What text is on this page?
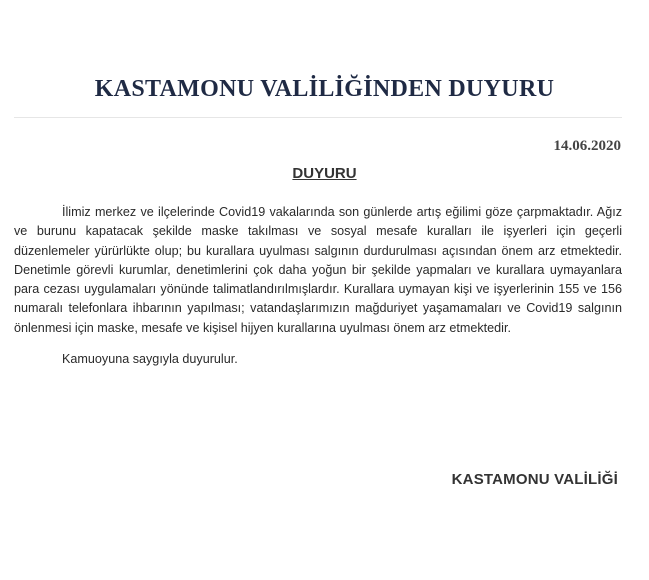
KASTAMONU VALİLİĞİNDEN DUYURU
14.06.2020
DUYURU

İlimiz merkez ve ilçelerinde Covid19 vakalarında son günlerde artış eğilimi göze çarpmaktadır. Ağız ve burunu kapatacak şekilde maske takılması ve sosyal mesafe kuralları ile işyerleri için geçerli düzenlemeler yürürlükte olup; bu kurallara uyulması salgının durdurulması açısından önem arz etmektedir. Denetimle görevli kurumlar, denetimlerini çok daha yoğun bir şekilde yapmaları ve kurallara uymayanlara para cezası uygulamaları yönünde talimatlandırılmışlardır. Kurallara uymayan kişi ve işyerlerinin 155 ve 156 numaralı telefonlara ihbarının yapılması; vatandaşlarımızın mağduriyet yaşamamaları ve Covid19 salgının önlenmesi için maske, mesafe ve kişisel hijyen kurallarına uyulması önem arz etmektedir.

Kamuoyuna saygıyla duyurulur.

KASTAMONU VALİLİĞİ
